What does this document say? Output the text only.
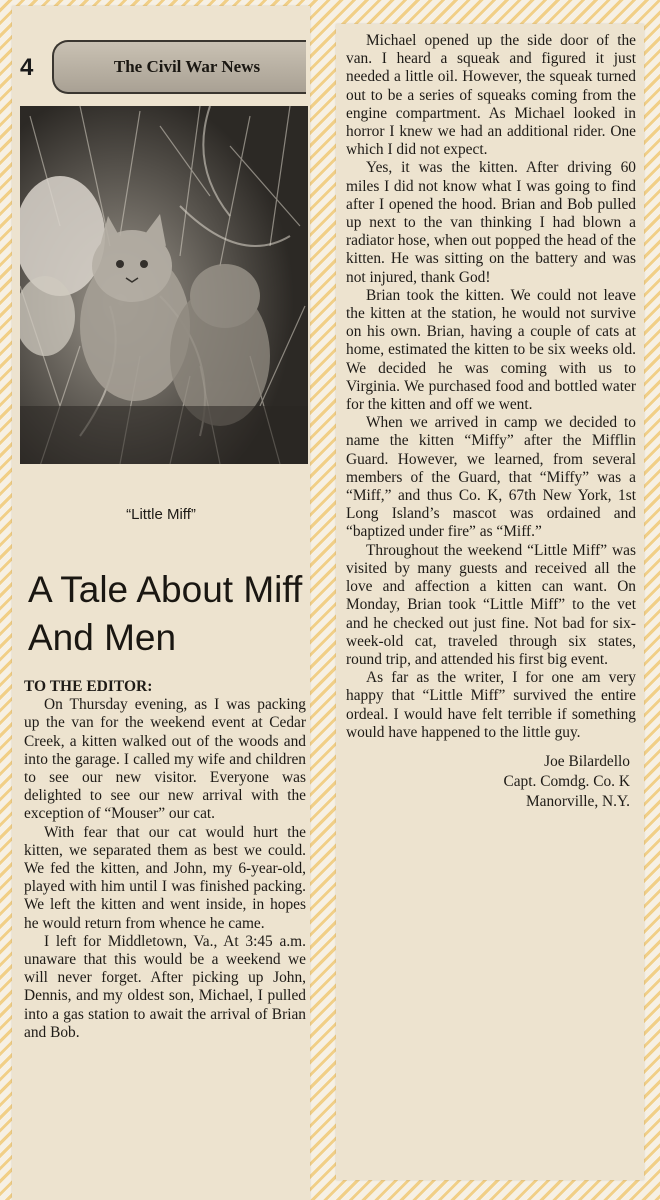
4	The Civil War News
“Little Miff”
A Tale About Miff And Men
TO THE EDITOR:

On Thursday evening, as I was packing up the van for the weekend event at Cedar Creek, a kitten walked out of the woods and into the garage. I called my wife and children to see our new visitor. Everyone was delighted to see our new arrival with the exception of “Mouser” our cat.

With fear that our cat would hurt the kitten, we separated them as best we could. We fed the kitten, and John, my 6-year-old, played with him until I was finished packing. We left the kitten and went inside, in hopes he would return from whence he came.

I left for Middletown, Va., At 3:45 a.m. unaware that this would be a weekend we will never forget. After picking up John, Dennis, and my oldest son, Michael, I pulled into a gas station to await the arrival of Brian and Bob.

Michael opened up the side door of the van. I heard a squeak and figured it just needed a little oil. However, the squeak turned out to be a series of squeaks coming from the engine compartment. As Michael looked in horror I knew we had an additional rider. One which I did not expect.

Yes, it was the kitten. After driving 60 miles I did not know what I was going to find after I opened the hood. Brian and Bob pulled up next to the van thinking I had blown a radiator hose, when out popped the head of the kitten. He was sitting on the battery and was not injured, thank God!

Brian took the kitten. We could not leave the kitten at the station, he would not survive on his own. Brian, having a couple of cats at home, estimated the kitten to be six weeks old. We decided he was coming with us to Virginia. We purchased food and bottled water for the kitten and off we went.

When we arrived in camp we decided to name the kitten “Miffy” after the Mifflin Guard. However, we learned, from several members of the Guard, that “Miffy” was a “Miff,” and thus Co. K, 67th New York, 1st Long Island’s mascot was ordained and “baptized under fire” as “Miff.”

Throughout the weekend “Little Miff” was visited by many guests and received all the love and affection a kitten can want. On Monday, Brian took “Little Miff” to the vet and he checked out just fine. Not bad for six-week-old cat, traveled through six states, round trip, and attended his first big event.

As far as the writer, I for one am very happy that “Little Miff” survived the entire ordeal. I would have felt terrible if something would have happened to the little guy.

Joe Bilardello
Capt. Comdg. Co. K
Manorville, N.Y.
